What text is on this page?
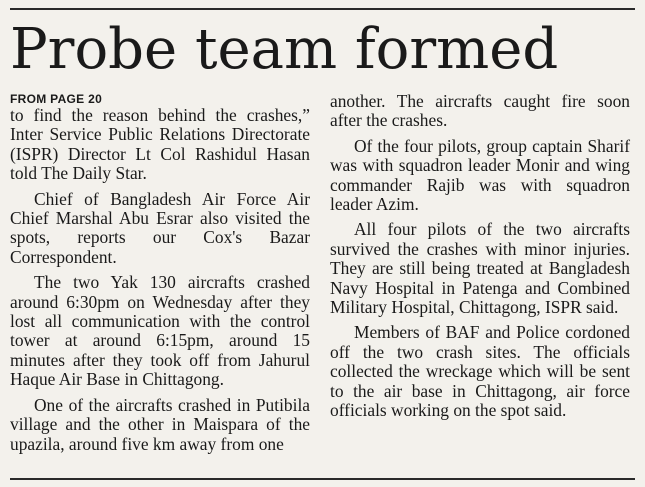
Probe team formed
FROM PAGE 20

to find the reason behind the crashes,” Inter Service Public Relations Directorate (ISPR) Director Lt Col Rashidul Hasan told The Daily Star.

Chief of Bangladesh Air Force Air Chief Marshal Abu Esrar also visited the spots, reports our Cox's Bazar Correspondent.

The two Yak 130 aircrafts crashed around 6:30pm on Wednesday after they lost all communication with the control tower at around 6:15pm, around 15 minutes after they took off from Jahurul Haque Air Base in Chittagong.

One of the aircrafts crashed in Putibila village and the other in Maispara of the upazila, around five km away from one

another. The aircrafts caught fire soon after the crashes.

Of the four pilots, group captain Sharif was with squadron leader Monir and wing commander Rajib was with squadron leader Azim.

All four pilots of the two aircrafts survived the crashes with minor injuries. They are still being treated at Bangladesh Navy Hospital in Patenga and Combined Military Hospital, Chittagong, ISPR said.

Members of BAF and Police cordoned off the two crash sites. The officials collected the wreckage which will be sent to the air base in Chittagong, air force officials working on the spot said.
